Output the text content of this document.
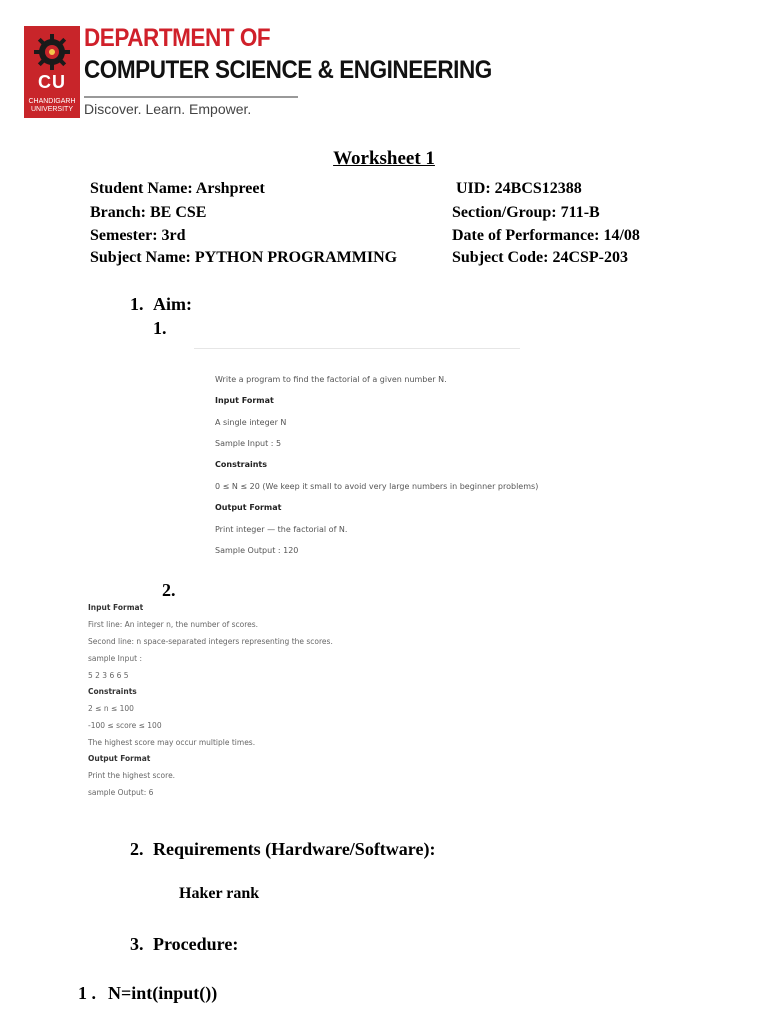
CU
CHANDIGARH UNIVERSITY
DEPARTMENT OF
COMPUTER SCIENCE & ENGINEERING
Discover. Learn. Empower.
Worksheet 1
Student Name: Arshpreet	UID: 24BCS12388
Branch: BE CSE	Section/Group: 711-B
Semester: 3rd	Date of Performance: 14/08
Subject Name: PYTHON PROGRAMMING	Subject Code: 24CSP-203
1. Aim:
1.
Write a program to find the factorial of a given number N.
Input Format
A single integer N
Sample Input : 5
Constraints
0 ≤ N ≤ 20 (We keep it small to avoid very large numbers in beginner problems)
Output Format
Print integer — the factorial of N.
Sample Output : 120
2.
Input Format
First line: An integer n, the number of scores.
Second line: n space-separated integers representing the scores.
sample Input :
5 2 3 6 6 5
Constraints
2 ≤ n ≤ 100
-100 ≤ score ≤ 100
The highest score may occur multiple times.
Output Format
Print the highest score.
sample Output: 6
2. Requirements (Hardware/Software):
Haker rank
3. Procedure:
1 . N=int(input())
